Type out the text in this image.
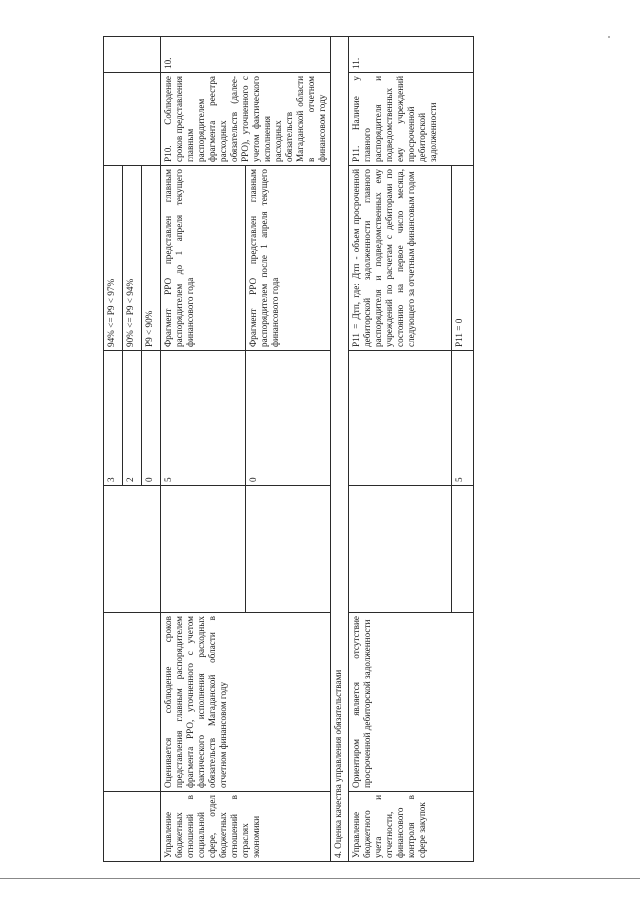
			3	94% <= P9 < 97%		
			2	90% <= P9 < 94%		
			0	P9 < 90%		
Управление бюджетных отношений в социальной сфере, отдел бюджетных отношений в отраслях экономики	Оценивается соблюдение сроков представления главным распорядителем фрагмента РРО, уточненного с учетом фактического исполнения расходных обязательств Магаданской области в отчетном финансовом году		5	Фрагмент РРО представлен главным распорядителем до 1 апреля текущего финансового года	P10. Соблюдение сроков представления главным распорядителем фрагмента реестра расходных обязательств (далее-РРО), уточненного с учетом фактического исполнения расходных обязательств Магаданской области в отчетном финансовом году	10.
			0	Фрагмент РРО представлен главным распорядителем после 1 апреля текущего финансового года		
4. Оценка качества управления обязательствами						
Управление бюджетного учета и отчетности, финансового контроля в сфере закупок	Ориентиром является отсутствие просроченной дебиторской задолженности			P11 = Дтп, где: Дтп - объем просроченной дебиторской задолженности главного распорядителя и подведомственных ему учреждений по расчетам с дебиторами по состоянию на первое число месяца, следующего за отчетным финансовым годом	P11. Наличие у главного распорядителя и подведомственных ему учреждений просроченной дебиторской задолженности	11.
			5	P11 = 0		
